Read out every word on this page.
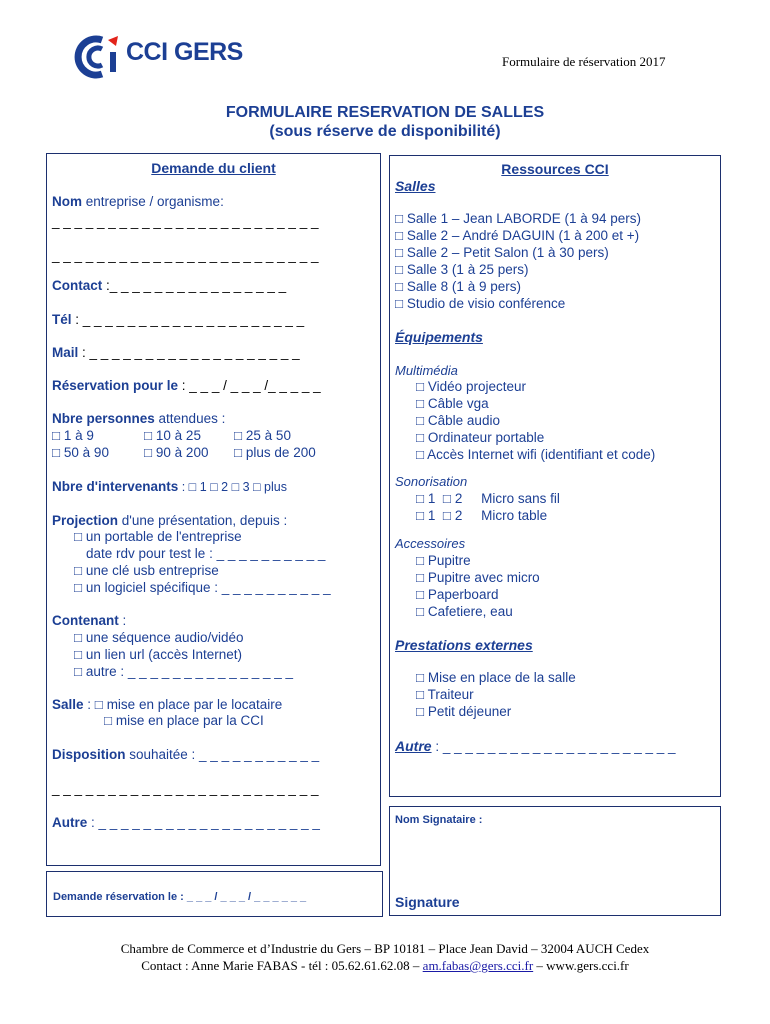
CCI GERS	Formulaire de réservation 2017
FORMULAIRE RESERVATION DE SALLES
(sous réserve de disponibilité)
Demande du client
Nom entreprise / organisme:
_ _ _ _ _ _ _ _ _ _ _ _ _ _ _ _ _ _ _ _ _ _ _ _
_ _ _ _ _ _ _ _ _ _ _ _ _ _ _ _ _ _ _ _ _ _ _ _
Contact :_ _ _ _ _ _ _ _ _ _ _ _ _ _ _ _
Tél : _ _ _ _ _ _ _ _ _ _ _ _ _ _ _ _ _ _ _ _
Mail : _ _ _ _ _ _ _ _ _ _ _ _ _ _ _ _ _ _ _
Réservation pour le : _ _ _ / _ _ _ /_ _ _ _ _
Nbre personnes attendues :
□ 1 à 9	□ 10 à 25 □ 25 à 50
□ 50 à 90	□ 90 à 200 □ plus de 200
Nbre d'intervenants : □ 1 □ 2 □ 3 □ plus
Projection d'une présentation, depuis :
□ un portable de l'entreprise
date rdv pour test le : _ _ _ _ _ _ _ _ _ _
□ une clé usb entreprise
□ un logiciel spécifique : _ _ _ _ _ _ _ _ _ _
Contenant :
□ une séquence audio/vidéo
□ un lien url (accès Internet)
□ autre : _ _ _ _ _ _ _ _ _ _ _ _ _ _ _
Salle : □ mise en place par le locataire
□ mise en place par la CCI
Disposition souhaitée : _ _ _ _ _ _ _ _ _ _ _
_ _ _ _ _ _ _ _ _ _ _ _ _ _ _ _ _ _ _ _ _ _ _ _
Autre : _ _ _ _ _ _ _ _ _ _ _ _ _ _ _ _ _ _ _ _
Demande réservation le : _ _ _ / _ _ _ / _ _ _ _ _ _
Ressources CCI
Salles
□ Salle 1 – Jean LABORDE (1 à 94 pers)
□ Salle 2 – André DAGUIN (1 à 200 et +)
□ Salle 2 – Petit Salon (1 à 30 pers)
□ Salle 3 (1 à 25 pers)
□ Salle 8 (1 à 9 pers)
□ Studio de visio conférence
Équipements
Multimédia
□ Vidéo projecteur
□ Câble vga
□ Câble audio
□ Ordinateur portable
□ Accès Internet wifi (identifiant et code)
Sonorisation
□ 1  □ 2     Micro sans fil
□ 1  □ 2     Micro table
Accessoires
□ Pupitre
□ Pupitre avec micro
□ Paperboard
□ Cafetiere, eau
Prestations externes
□ Mise en place de la salle
□ Traiteur
□ Petit déjeuner
Autre : _ _ _ _ _ _ _ _ _ _ _ _ _ _ _ _ _ _ _ _ _
Nom Signataire :
Signature
Chambre de Commerce et d’Industrie du Gers – BP 10181 – Place Jean David – 32004 AUCH Cedex
Contact : Anne Marie FABAS - tél : 05.62.61.62.08 – am.fabas@gers.cci.fr – www.gers.cci.fr
